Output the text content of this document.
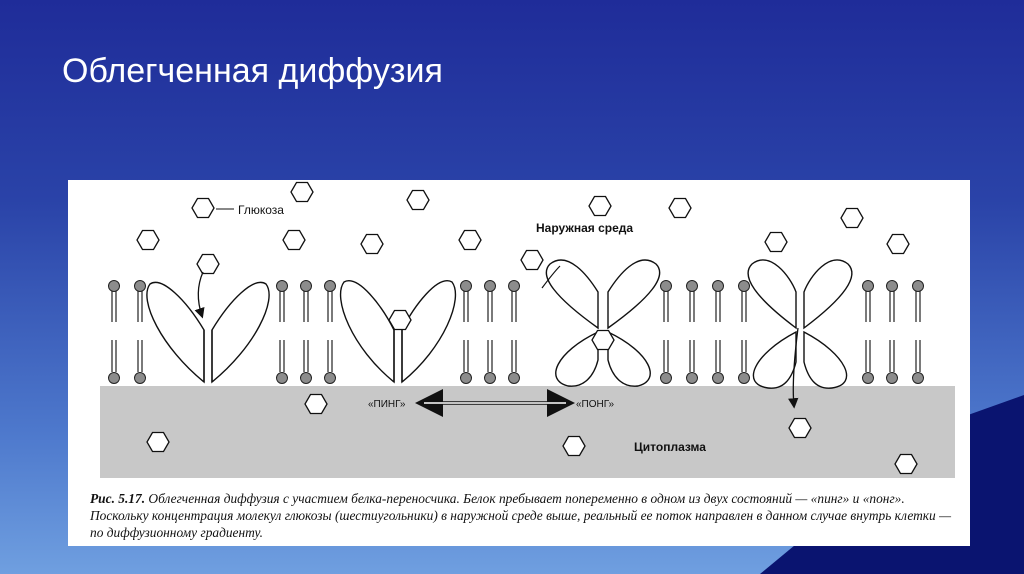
Облегченная диффузия
Глюкоза
Наружная среда
Цитоплазма
«ПИНГ»	«ПОНГ»

Рис. 5.17. Облегченная диффузия с участием белка-переносчика. Белок пребывает попеременно в одном из двух состояний — «пинг» и «понг». Поскольку концентрация молекул глюкозы (шестиугольники) в наружной среде выше, реальный ее поток направлен в данном случае внутрь клетки — по диффузионному градиенту.
